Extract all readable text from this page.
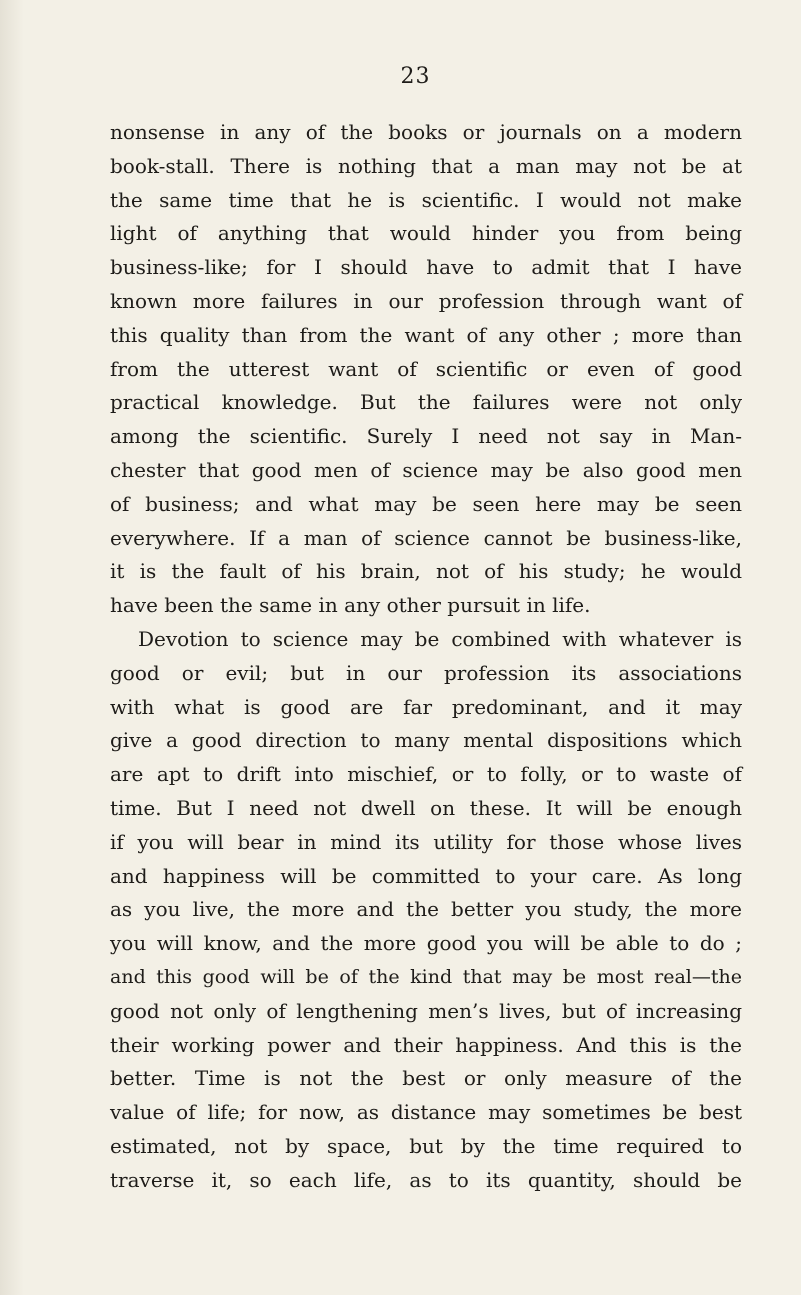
23
nonsense in any of the books or journals on a modern
book-stall. There is nothing that a man may not be at
the same time that he is scientific. I would not make
light of anything that would hinder you from being
business-like; for I should have to admit that I have
known more failures in our profession through want of
this quality than from the want of any other ; more than
from the utterest want of scientific or even of good
practical knowledge. But the failures were not only
among the scientific. Surely I need not say in Man-
chester that good men of science may be also good men
of business; and what may be seen here may be seen
everywhere. If a man of science cannot be business-like,
it is the fault of his brain, not of his study; he would
have been the same in any other pursuit in life.
Devotion to science may be combined with whatever is
good or evil; but in our profession its associations
with what is good are far predominant, and it may
give a good direction to many mental dispositions which
are apt to drift into mischief, or to folly, or to waste of
time. But I need not dwell on these. It will be enough
if you will bear in mind its utility for those whose lives
and happiness will be committed to your care. As long
as you live, the more and the better you study, the more
you will know, and the more good you will be able to do ;
and this good will be of the kind that may be most real—the
good not only of lengthening men’s lives, but of increasing
their working power and their happiness. And this is the
better. Time is not the best or only measure of the
value of life; for now, as distance may sometimes be best
estimated, not by space, but by the time required to
traverse it, so each life, as to its quantity, should be
